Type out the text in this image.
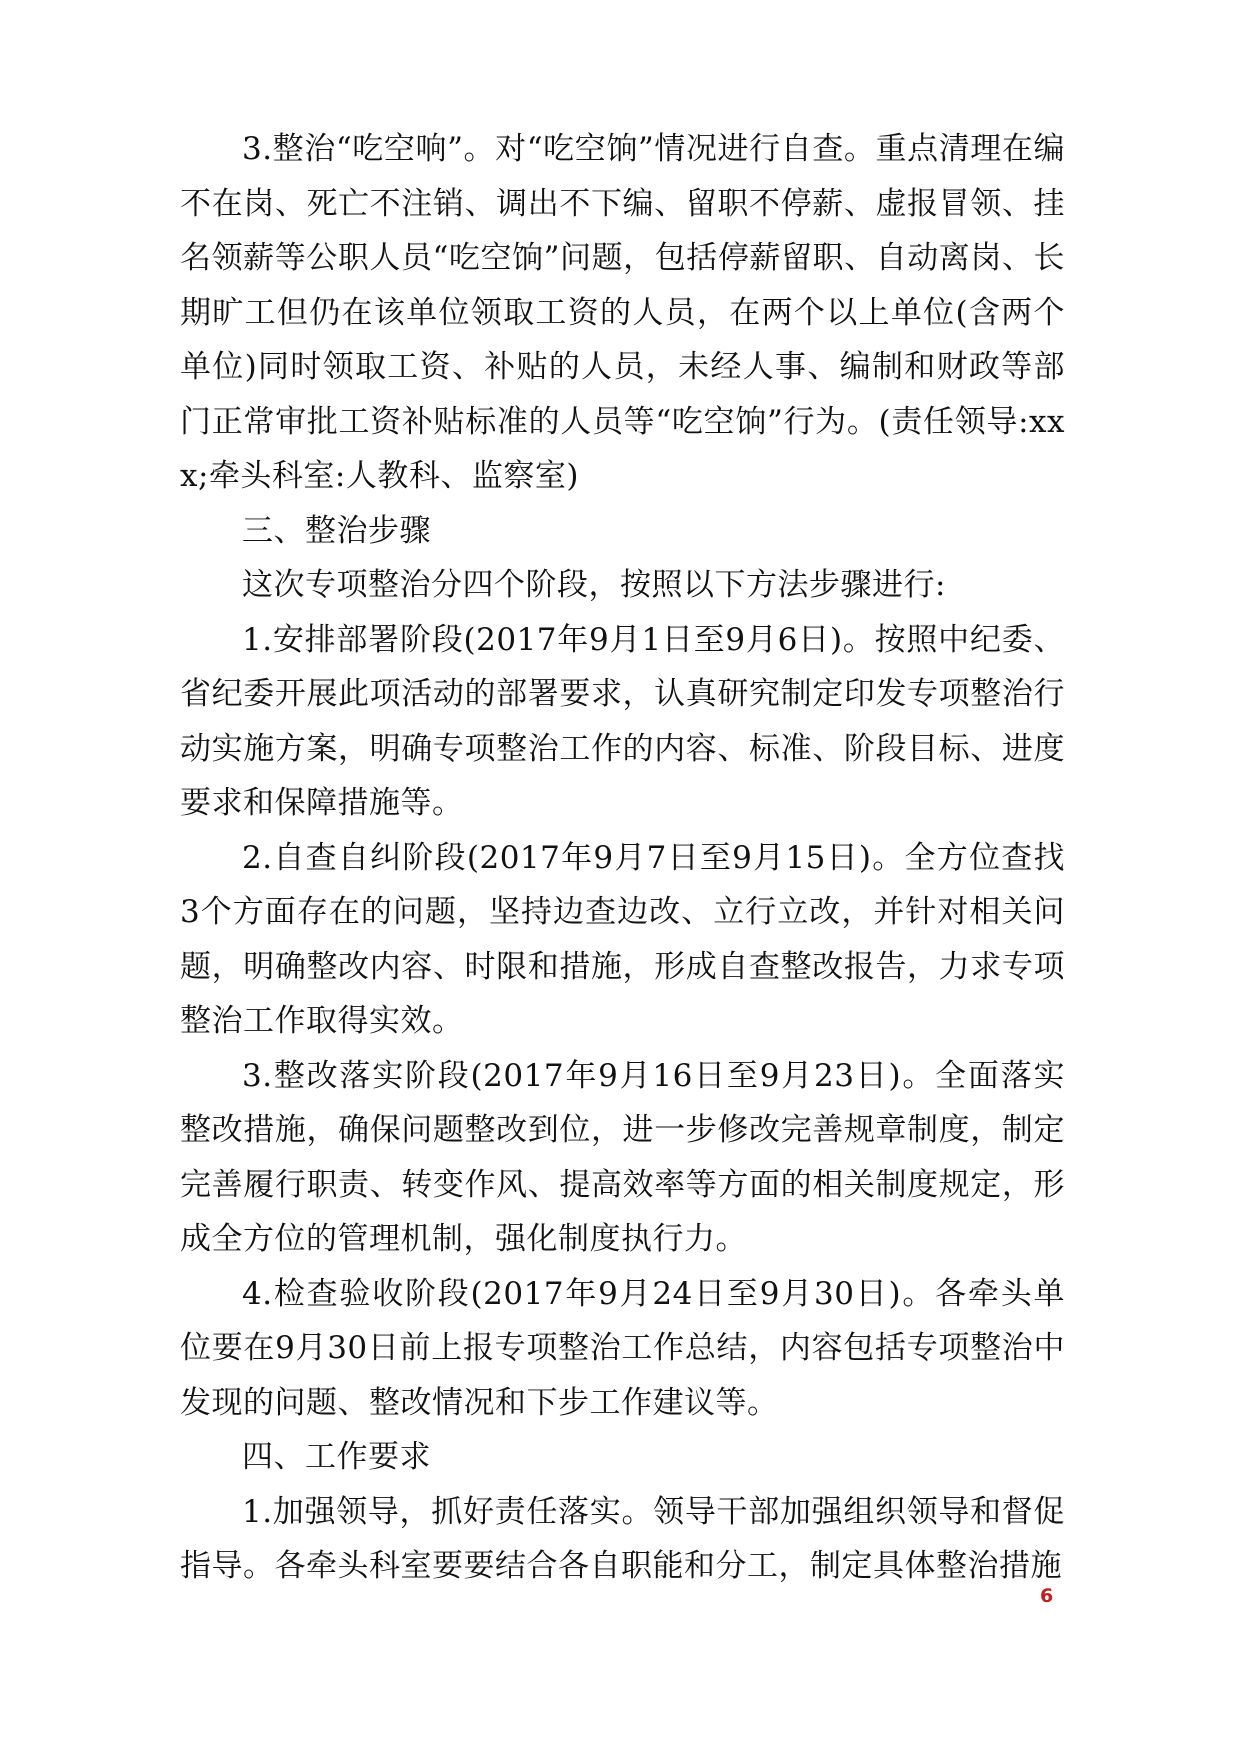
3.整治“吃空响”。对“吃空饷”情况进行自查。重点清理在编不在岗、死亡不注销、调出不下编、留职不停薪、虚报冒领、挂名领薪等公职人员“吃空饷”问题，包括停薪留职、自动离岗、长期旷工但仍在该单位领取工资的人员，在两个以上单位(含两个单位)同时领取工资、补贴的人员，未经人事、编制和财政等部门正常审批工资补贴标准的人员等“吃空饷”行为。(责任领导:xxx;牵头科室:人教科、监察室)

三、整治步骤

这次专项整治分四个阶段，按照以下方法步骤进行:

1.安排部署阶段(2017年9月1日至9月6日)。按照中纪委、省纪委开展此项活动的部署要求，认真研究制定印发专项整治行动实施方案，明确专项整治工作的内容、标准、阶段目标、进度要求和保障措施等。

2.自查自纠阶段(2017年9月7日至9月15日)。全方位查找3个方面存在的问题，坚持边查边改、立行立改，并针对相关问题，明确整改内容、时限和措施，形成自查整改报告，力求专项整治工作取得实效。

3.整改落实阶段(2017年9月16日至9月23日)。全面落实整改措施，确保问题整改到位，进一步修改完善规章制度，制定完善履行职责、转变作风、提高效率等方面的相关制度规定，形成全方位的管理机制，强化制度执行力。

4.检查验收阶段(2017年9月24日至9月30日)。各牵头单位要在9月30日前上报专项整治工作总结，内容包括专项整治中发现的问题、整改情况和下步工作建议等。

四、工作要求

1.加强领导，抓好责任落实。领导干部加强组织领导和督促指导。各牵头科室要要结合各自职能和分工，制定具体整治措施

6
